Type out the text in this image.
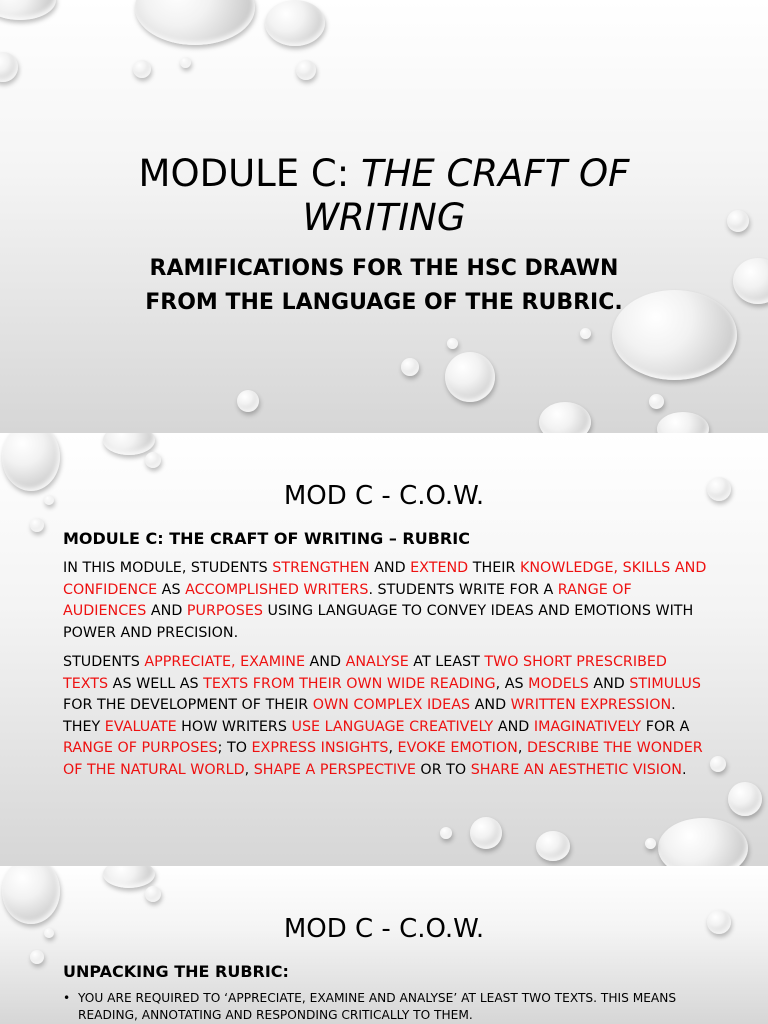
MODULE C: THE CRAFT OF
WRITING
RAMIFICATIONS FOR THE HSC DRAWN
FROM THE LANGUAGE OF THE RUBRIC.
MOD C - C.O.W.
MODULE C: THE CRAFT OF WRITING – RUBRIC
IN THIS MODULE, STUDENTS STRENGTHEN AND EXTEND THEIR KNOWLEDGE, SKILLS AND CONFIDENCE AS ACCOMPLISHED WRITERS. STUDENTS WRITE FOR A RANGE OF AUDIENCES AND PURPOSES USING LANGUAGE TO CONVEY IDEAS AND EMOTIONS WITH POWER AND PRECISION.
STUDENTS APPRECIATE, EXAMINE AND ANALYSE AT LEAST TWO SHORT PRESCRIBED TEXTS AS WELL AS TEXTS FROM THEIR OWN WIDE READING, AS MODELS AND STIMULUS FOR THE DEVELOPMENT OF THEIR OWN COMPLEX IDEAS AND WRITTEN EXPRESSION. THEY EVALUATE HOW WRITERS USE LANGUAGE CREATIVELY AND IMAGINATIVELY FOR A RANGE OF PURPOSES; TO EXPRESS INSIGHTS, EVOKE EMOTION, DESCRIBE THE WONDER OF THE NATURAL WORLD, SHAPE A PERSPECTIVE OR TO SHARE AN AESTHETIC VISION.
MOD C - C.O.W.
UNPACKING THE RUBRIC:
• YOU ARE REQUIRED TO ‘APPRECIATE, EXAMINE AND ANALYSE’ AT LEAST TWO TEXTS. THIS MEANS READING, ANNOTATING AND RESPONDING CRITICALLY TO THEM.
